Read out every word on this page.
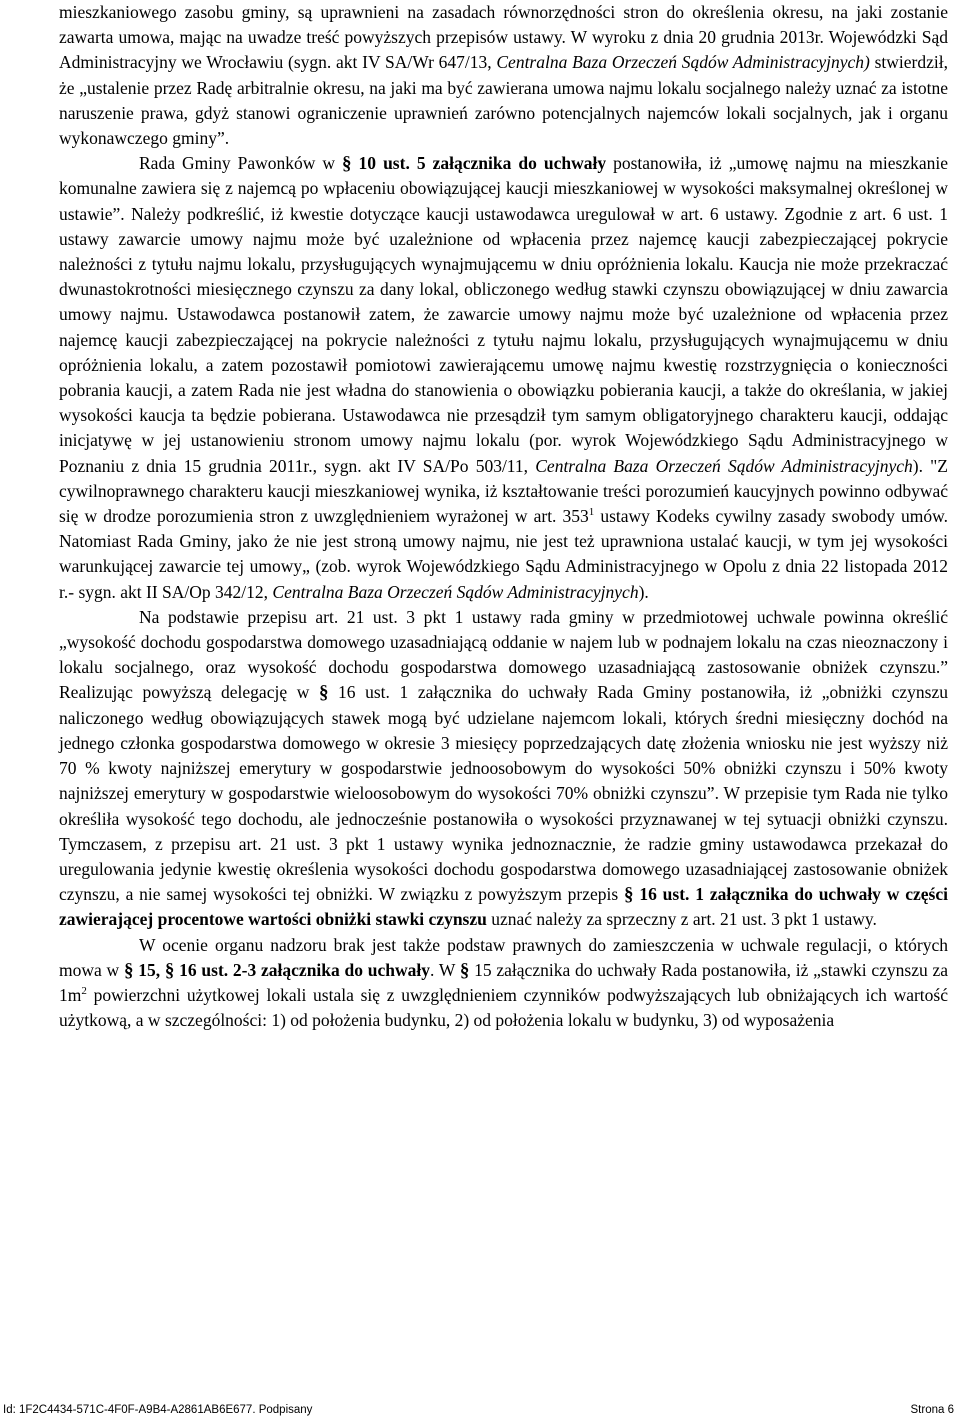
mieszkaniowego zasobu gminy, są uprawnieni na zasadach równorzędności stron do określenia okresu, na jaki zostanie zawarta umowa, mając na uwadze treść powyższych przepisów ustawy. W wyroku z dnia 20 grudnia 2013r. Wojewódzki Sąd Administracyjny we Wrocławiu (sygn. akt IV SA/Wr 647/13, Centralna Baza Orzeczeń Sądów Administracyjnych) stwierdził, że „ustalenie przez Radę arbitralnie okresu, na jaki ma być zawierana umowa najmu lokalu socjalnego należy uznać za istotne naruszenie prawa, gdyż stanowi ograniczenie uprawnień zarówno potencjalnych najemców lokali socjalnych, jak i organu wykonawczego gminy”.

Rada Gminy Pawonków w § 10 ust. 5 załącznika do uchwały postanowiła, iż „umowę najmu na mieszkanie komunalne zawiera się z najemcą po wpłaceniu obowiązującej kaucji mieszkaniowej w wysokości maksymalnej określonej w ustawie”. Należy podkreślić, iż kwestie dotyczące kaucji ustawodawca uregulował w art. 6 ustawy. Zgodnie z art. 6 ust. 1 ustawy zawarcie umowy najmu może być uzależnione od wpłacenia przez najemcę kaucji zabezpieczającej pokrycie należności z tytułu najmu lokalu, przysługujących wynajmującemu w dniu opróżnienia lokalu. Kaucja nie może przekraczać dwunastokrotności miesięcznego czynszu za dany lokal, obliczonego według stawki czynszu obowiązującej w dniu zawarcia umowy najmu. Ustawodawca postanowił zatem, że zawarcie umowy najmu może być uzależnione od wpłacenia przez najemcę kaucji zabezpieczającej na pokrycie należności z tytułu najmu lokalu, przysługujących wynajmującemu w dniu opróżnienia lokalu, a zatem pozostawił pomiotowi zawierającemu umowę najmu kwestię rozstrzygnięcia o konieczności pobrania kaucji, a zatem Rada nie jest władna do stanowienia o obowiązku pobierania kaucji, a także do określania, w jakiej wysokości kaucja ta będzie pobierana. Ustawodawca nie przesądził tym samym obligatoryjnego charakteru kaucji, oddając inicjatywę w jej ustanowieniu stronom umowy najmu lokalu (por. wyrok Wojewódzkiego Sądu Administracyjnego w Poznaniu z dnia 15 grudnia 2011r., sygn. akt IV SA/Po 503/11, Centralna Baza Orzeczeń Sądów Administracyjnych). "Z cywilnoprawnego charakteru kaucji mieszkaniowej wynika, iż kształtowanie treści porozumień kaucyjnych powinno odbywać się w drodze porozumienia stron z uwzględnieniem wyrażonej w art. $353^1$ ustawy Kodeks cywilny zasady swobody umów. Natomiast Rada Gminy, jako że nie jest stroną umowy najmu, nie jest też uprawniona ustalać kaucji, w tym jej wysokości warunkującej zawarcie tej umowy„ (zob. wyrok Wojewódzkiego Sądu Administracyjnego w Opolu z dnia 22 listopada 2012 r.- sygn. akt II SA/Op 342/12, Centralna Baza Orzeczeń Sądów Administracyjnych).

Na podstawie przepisu art. 21 ust. 3 pkt 1 ustawy rada gminy w przedmiotowej uchwale powinna określić „wysokość dochodu gospodarstwa domowego uzasadniającą oddanie w najem lub w podnajem lokalu na czas nieoznaczony i lokalu socjalnego, oraz wysokość dochodu gospodarstwa domowego uzasadniającą zastosowanie obniżek czynszu.” Realizując powyższą delegację w § 16 ust. 1 załącznika do uchwały Rada Gminy postanowiła, iż „obniżki czynszu naliczonego według obowiązujących stawek mogą być udzielane najemcom lokali, których średni miesięczny dochód na jednego członka gospodarstwa domowego w okresie 3 miesięcy poprzedzających datę złożenia wniosku nie jest wyższy niż 70 % kwoty najniższej emerytury w gospodarstwie jednoosobowym do wysokości 50% obniżki czynszu i 50% kwoty najniższej emerytury w gospodarstwie wieloosobowym do wysokości 70% obniżki czynszu”. W przepisie tym Rada nie tylko określiła wysokość tego dochodu, ale jednocześnie postanowiła o wysokości przyznawanej w tej sytuacji obniżki czynszu. Tymczasem, z przepisu art. 21 ust. 3 pkt 1 ustawy wynika jednoznacznie, że radzie gminy ustawodawca przekazał do uregulowania jedynie kwestię określenia wysokości dochodu gospodarstwa domowego uzasadniającej zastosowanie obniżek czynszu, a nie samej wysokości tej obniżki. W związku z powyższym przepis § 16 ust. 1 załącznika do uchwały w części zawierającej procentowe wartości obniżki stawki czynszu uznać należy za sprzeczny z art. 21 ust. 3 pkt 1 ustawy.

W ocenie organu nadzoru brak jest także podstaw prawnych do zamieszczenia w uchwale regulacji, o których mowa w § 15, § 16 ust. 2-3 załącznika do uchwały. W § 15 załącznika do uchwały Rada postanowiła, iż „stawki czynszu za $1m^2$ powierzchni użytkowej lokali ustala się z uwzględnieniem czynników podwyższających lub obniżających ich wartość użytkową, a w szczególności: 1) od położenia budynku, 2) od położenia lokalu w budynku, 3) od wyposażenia

Id: 1F2C4434-571C-4F0F-A9B4-A2861AB6E677. Podpisany	Strona 6
